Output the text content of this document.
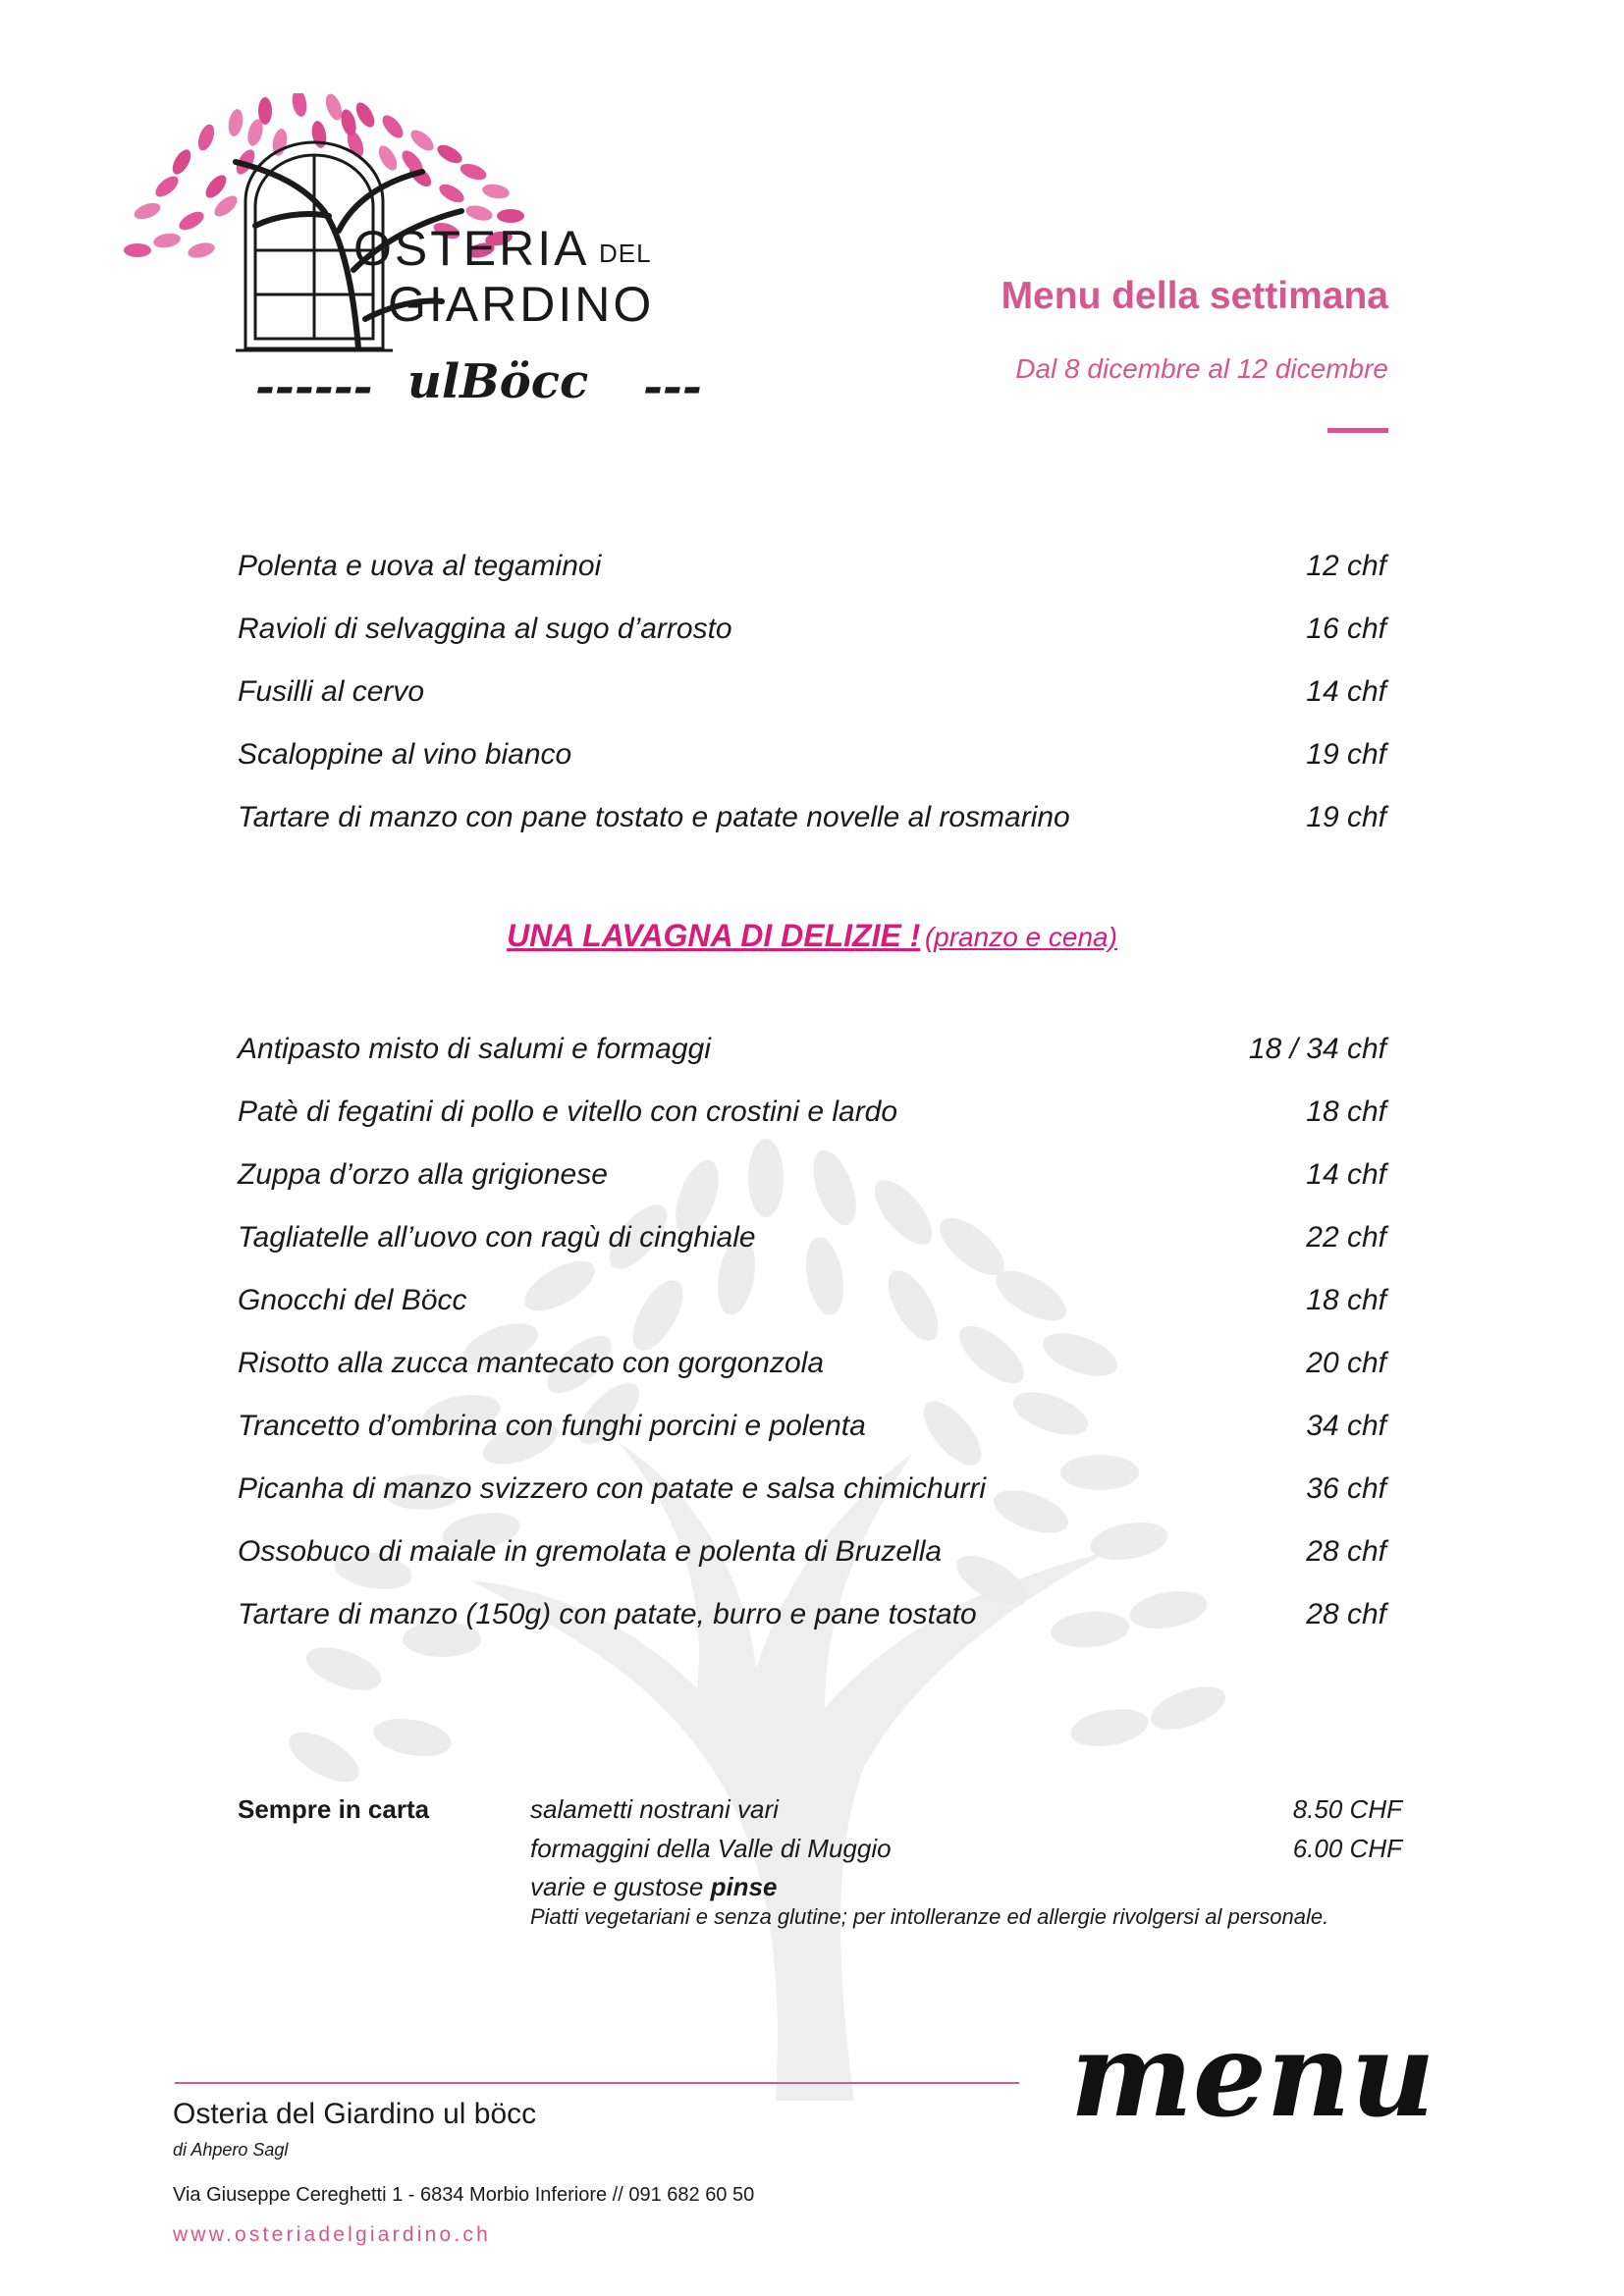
OSTERIA DEL
GIARDINO
------ ulBöcc ---
Menu della settimana
Dal 8 dicembre al 12 dicembre
Polenta e uova al tegaminoi	12 chf
Ravioli di selvaggina al sugo d’arrosto	16 chf
Fusilli al cervo	14 chf
Scaloppine al vino bianco	19 chf
Tartare di manzo con pane tostato e patate novelle al rosmarino	19 chf
UNA LAVAGNA DI DELIZIE ! (pranzo e cena)
Antipasto misto di salumi e formaggi	18 / 34 chf
Patè di fegatini di pollo e vitello con crostini e lardo	18 chf
Zuppa d’orzo alla grigionese	14 chf
Tagliatelle all’uovo con ragù di cinghiale	22 chf
Gnocchi del Böcc	18 chf
Risotto alla zucca mantecato con gorgonzola	20 chf
Trancetto d’ombrina con funghi porcini e polenta	34 chf
Picanha di manzo svizzero con patate e salsa chimichurri	36 chf
Ossobuco di maiale in gremolata e polenta di Bruzella	28 chf
Tartare di manzo (150g) con patate, burro e pane tostato	28 chf
Sempre in carta	salametti nostrani vari	8.50 CHF
formaggini della Valle di Muggio	6.00 CHF
varie e gustose pinse
Piatti vegetariani e senza glutine; per intolleranze ed allergie rivolgersi al personale.
Osteria del Giardino ul böcc
di Ahpero Sagl
Via Giuseppe Cereghetti 1 - 6834 Morbio Inferiore // 091 682 60 50
www.osteriadelgiardino.ch
menu
